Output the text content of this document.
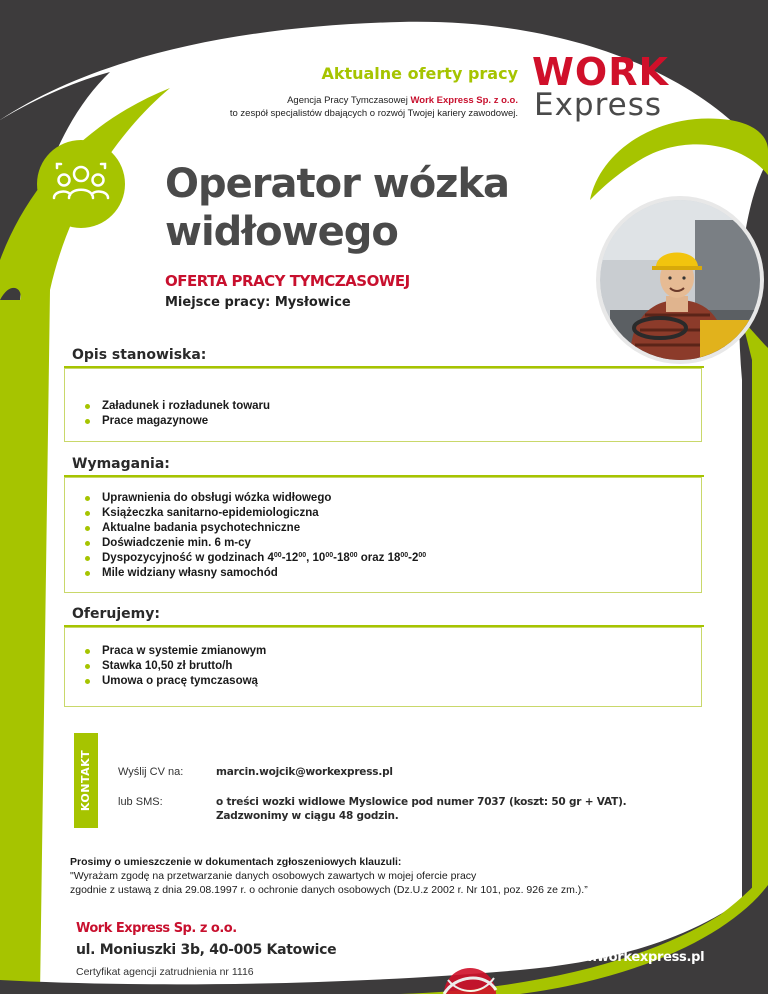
Aktualne oferty pracy
Agencja Pracy Tymczasowej Work Express Sp. z o.o.
to zespół specjalistów dbających o rozwój Twojej kariery zawodowej.
WORK
Express
Operator wózka
widłowego
OFERTA PRACY TYMCZASOWEJ
Miejsce pracy: Mysłowice
Opis stanowiska:
Załadunek i rozładunek towaru
Prace magazynowe
Wymagania:
Uprawnienia do obsługi wózka widłowego
Książeczka sanitarno-epidemiologiczna
Aktualne badania psychotechniczne
Doświadczenie min. 6 m-cy
Dyspozycyjność w godzinach $4^{00}-12^{00}$, $10^{00}-18^{00}$ oraz $18^{00}-2^{00}$
Mile widziany własny samochód
Oferujemy:
Praca w systemie zmianowym
Stawka 10,50 zł brutto/h
Umowa o pracę tymczasową
KONTAKT	Wyślij CV na:	marcin.wojcik@workexpress.pl
lub SMS:	o treści wozki widlowe Myslowice pod numer 7037 (koszt: 50 gr + VAT).
Zadzwonimy w ciągu 48 godzin.
Prosimy o umieszczenie w dokumentach zgłoszeniowych klauzuli:
"Wyrażam zgodę na przetwarzanie danych osobowych zawartych w mojej ofercie pracy
zgodnie z ustawą z dnia 29.08.1997 r. o ochronie danych osobowych (Dz.U.z 2002 r. Nr 101, poz. 926 ze zm.).”
Work Express Sp. z o.o.
ul. Moniuszki 3b, 40-005 Katowice
Certyfikat agencji zatrudnienia nr 1116
www.workexpress.pl
